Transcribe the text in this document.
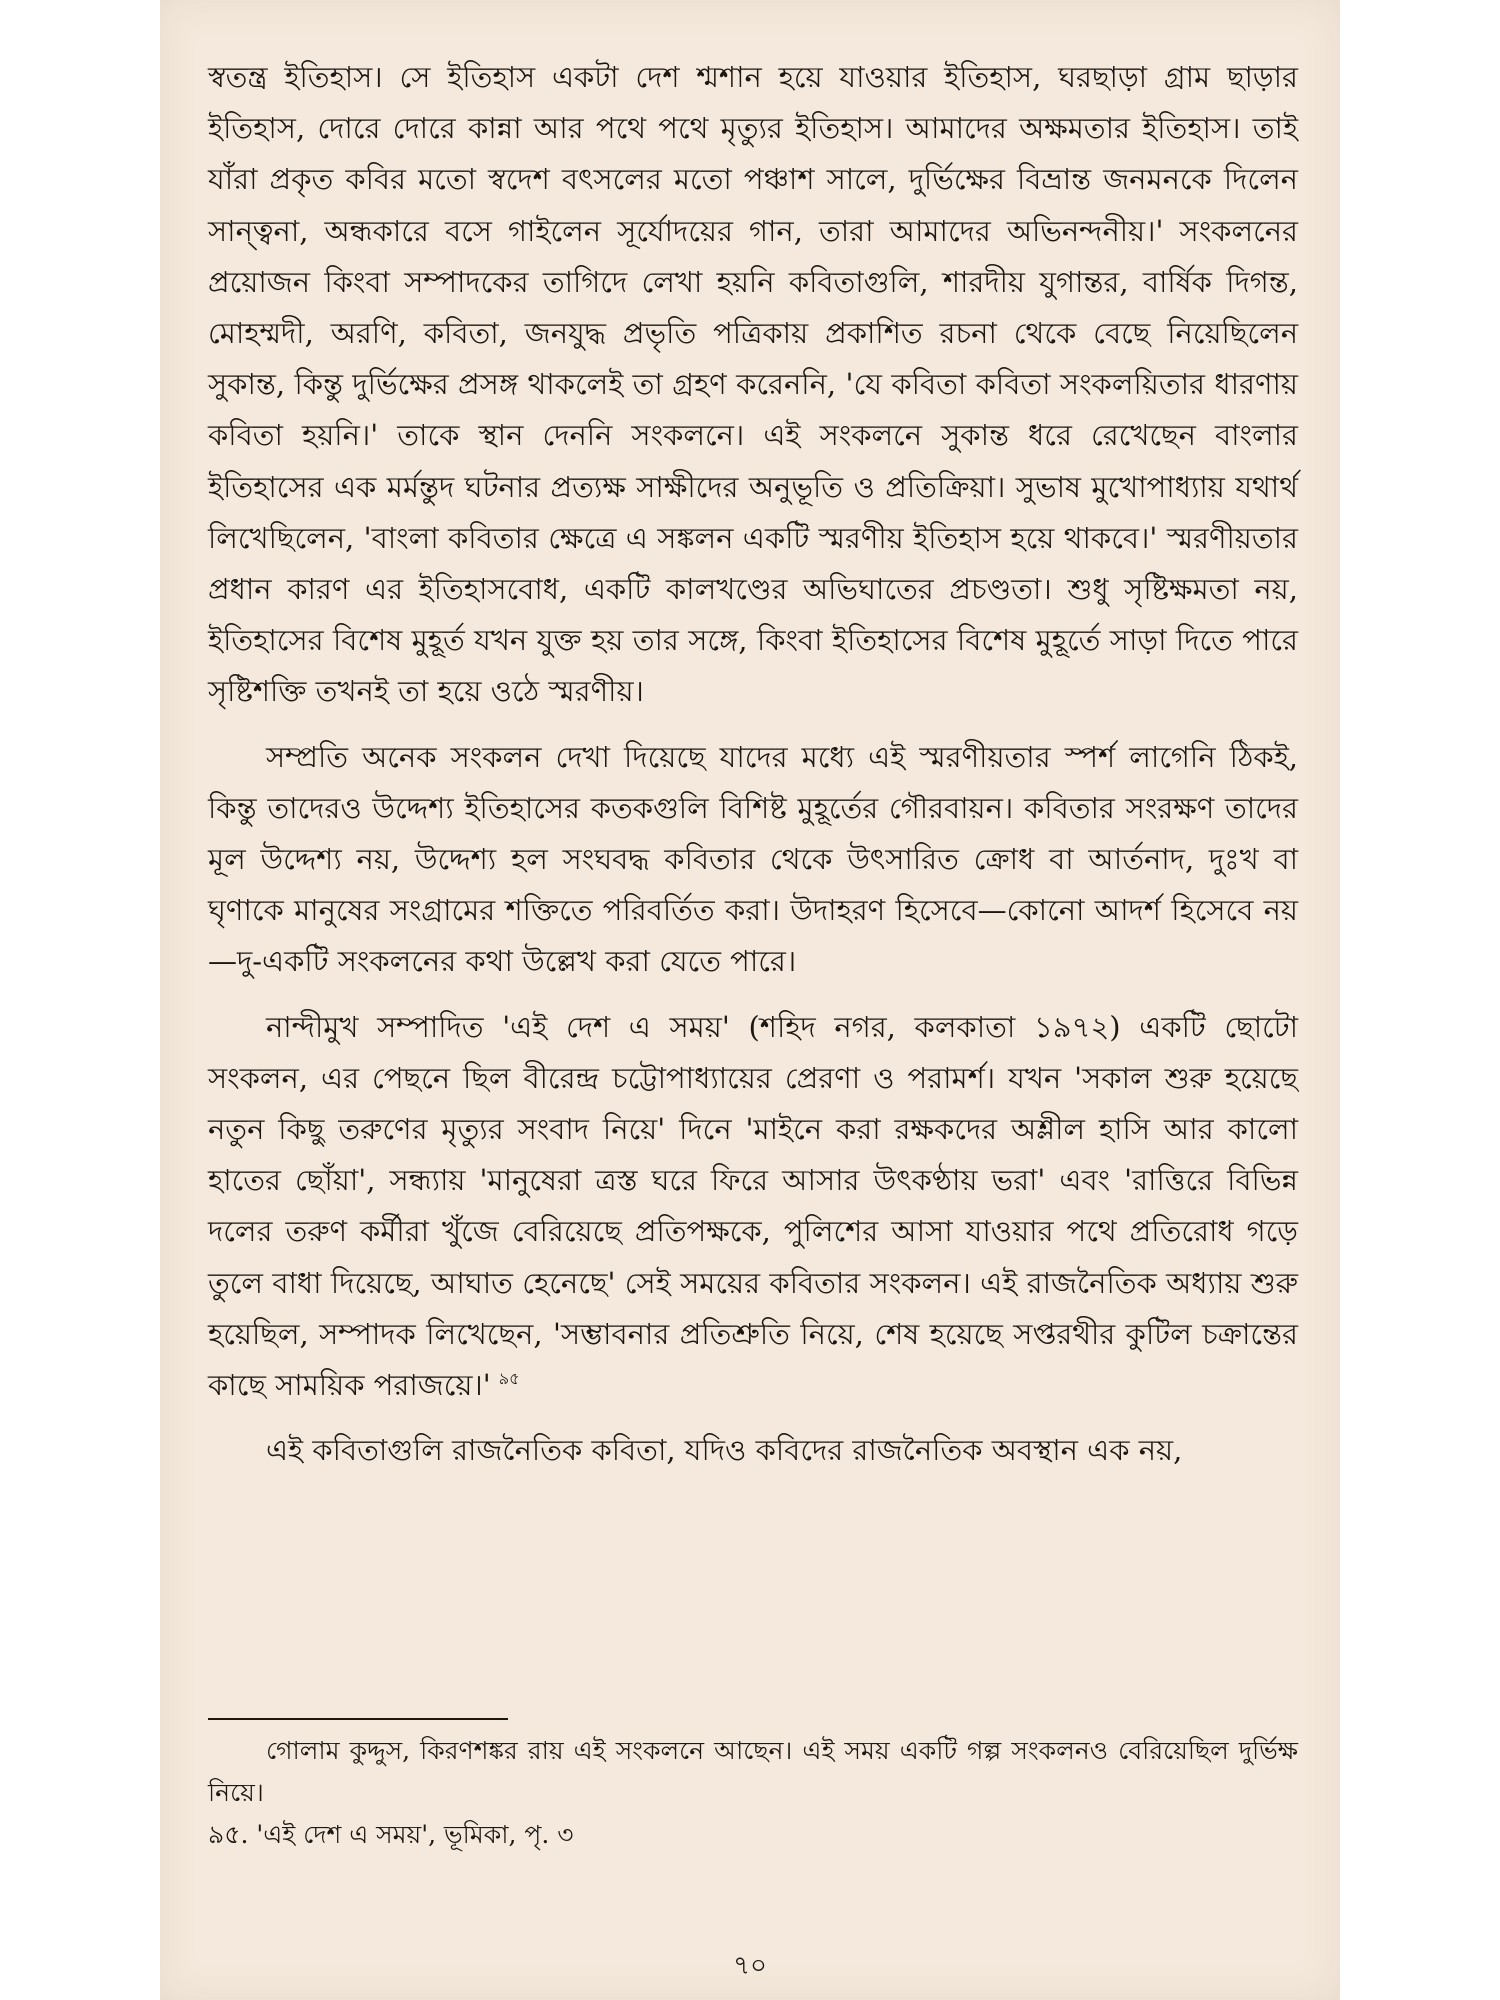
স্বতন্ত্র ইতিহাস। সে ইতিহাস একটা দেশ শ্মশান হয়ে যাওয়ার ইতিহাস, ঘরছাড়া গ্রাম ছাড়ার ইতিহাস, দোরে দোরে কান্না আর পথে পথে মৃত্যুর ইতিহাস। আমাদের অক্ষমতার ইতিহাস। তাই যাঁরা প্রকৃত কবির মতো স্বদেশ বৎসলের মতো পঞ্চাশ সালে, দুর্ভিক্ষের বিভ্রান্ত জনমনকে দিলেন সান্ত্বনা, অন্ধকারে বসে গাইলেন সূর্যোদয়ের গান, তারা আমাদের অভিনন্দনীয়।' সংকলনের প্রয়োজন কিংবা সম্পাদকের তাগিদে লেখা হয়নি কবিতাগুলি, শারদীয় যুগান্তর, বার্ষিক দিগন্ত, মোহম্মদী, অরণি, কবিতা, জনযুদ্ধ প্রভৃতি পত্রিকায় প্রকাশিত রচনা থেকে বেছে নিয়েছিলেন সুকান্ত, কিন্তু দুর্ভিক্ষের প্রসঙ্গ থাকলেই তা গ্রহণ করেননি, 'যে কবিতা কবিতা সংকলয়িতার ধারণায় কবিতা হয়নি।' তাকে স্থান দেননি সংকলনে। এই সংকলনে সুকান্ত ধরে রেখেছেন বাংলার ইতিহাসের এক মর্মন্তুদ ঘটনার প্রত্যক্ষ সাক্ষীদের অনুভূতি ও প্রতিক্রিয়া। সুভাষ মুখোপাধ্যায় যথার্থ লিখেছিলেন, 'বাংলা কবিতার ক্ষেত্রে এ সঙ্কলন একটি স্মরণীয় ইতিহাস হয়ে থাকবে।' স্মরণীয়তার প্রধান কারণ এর ইতিহাসবোধ, একটি কালখণ্ডের অভিঘাতের প্রচণ্ডতা। শুধু সৃষ্টিক্ষমতা নয়, ইতিহাসের বিশেষ মুহূর্ত যখন যুক্ত হয় তার সঙ্গে, কিংবা ইতিহাসের বিশেষ মুহূর্তে সাড়া দিতে পারে সৃষ্টিশক্তি তখনই তা হয়ে ওঠে স্মরণীয়।

সম্প্রতি অনেক সংকলন দেখা দিয়েছে যাদের মধ্যে এই স্মরণীয়তার স্পর্শ লাগেনি ঠিকই, কিন্তু তাদেরও উদ্দেশ্য ইতিহাসের কতকগুলি বিশিষ্ট মুহূর্তের গৌরবায়ন। কবিতার সংরক্ষণ তাদের মূল উদ্দেশ্য নয়, উদ্দেশ্য হল সংঘবদ্ধ কবিতার থেকে উৎসারিত ক্রোধ বা আর্তনাদ, দুঃখ বা ঘৃণাকে মানুষের সংগ্রামের শক্তিতে পরিবর্তিত করা। উদাহরণ হিসেবে—কোনো আদর্শ হিসেবে নয়—দু-একটি সংকলনের কথা উল্লেখ করা যেতে পারে।

নান্দীমুখ সম্পাদিত 'এই দেশ এ সময়' (শহিদ নগর, কলকাতা ১৯৭২) একটি ছোটো সংকলন, এর পেছনে ছিল বীরেন্দ্র চট্টোপাধ্যায়ের প্রেরণা ও পরামর্শ। যখন 'সকাল শুরু হয়েছে নতুন কিছু তরুণের মৃত্যুর সংবাদ নিয়ে' দিনে 'মাইনে করা রক্ষকদের অশ্লীল হাসি আর কালো হাতের ছোঁয়া', সন্ধ্যায় 'মানুষেরা ত্রস্ত ঘরে ফিরে আসার উৎকণ্ঠায় ভরা' এবং 'রাত্তিরে বিভিন্ন দলের তরুণ কর্মীরা খুঁজে বেরিয়েছে প্রতিপক্ষকে, পুলিশের আসা যাওয়ার পথে প্রতিরোধ গড়ে তুলে বাধা দিয়েছে, আঘাত হেনেছে' সেই সময়ের কবিতার সংকলন। এই রাজনৈতিক অধ্যায় শুরু হয়েছিল, সম্পাদক লিখেছেন, 'সম্ভাবনার প্রতিশ্রুতি নিয়ে, শেষ হয়েছে সপ্তরথীর কুটিল চক্রান্তের কাছে সাময়িক পরাজয়ে।' $^{৯৫}$

এই কবিতাগুলি রাজনৈতিক কবিতা, যদিও কবিদের রাজনৈতিক অবস্থান এক নয়,

গোলাম কুদ্দুস, কিরণশঙ্কর রায় এই সংকলনে আছেন। এই সময় একটি গল্প সংকলনও বেরিয়েছিল দুর্ভিক্ষ নিয়ে।

৯৫. 'এই দেশ এ সময়', ভূমিকা, পৃ. ৩

৭০
